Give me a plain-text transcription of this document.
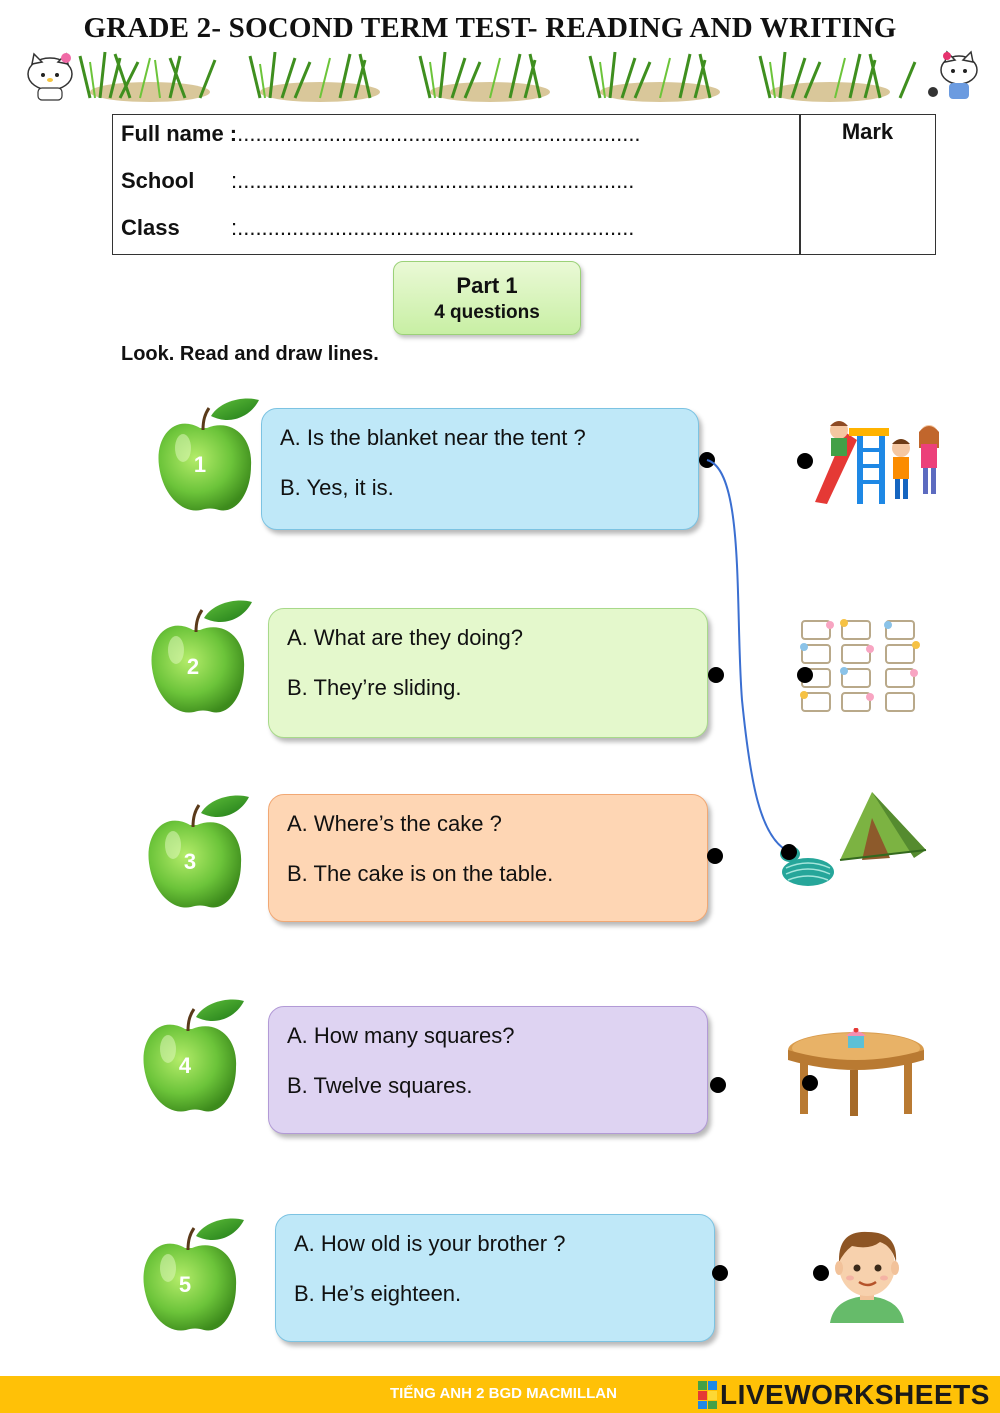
GRADE 2- SOCOND TERM TEST- READING AND WRITING
Full name :..................................................................
School :.................................................................
Class :.................................................................
Mark
Part 1
4 questions
Look. Read and draw lines.
1
A. Is the blanket near the tent ?
B. Yes, it is.
2
A. What are they doing?
B. They’re sliding.
3
A. Where’s the cake ?
B. The cake is on the table.
4
A. How many squares?
B. Twelve squares.
5
A. How old is your brother ?
B. He’s eighteen.
TIẾNG ANH 2 BGD MACMILLAN	LIVEWORKSHEETS
